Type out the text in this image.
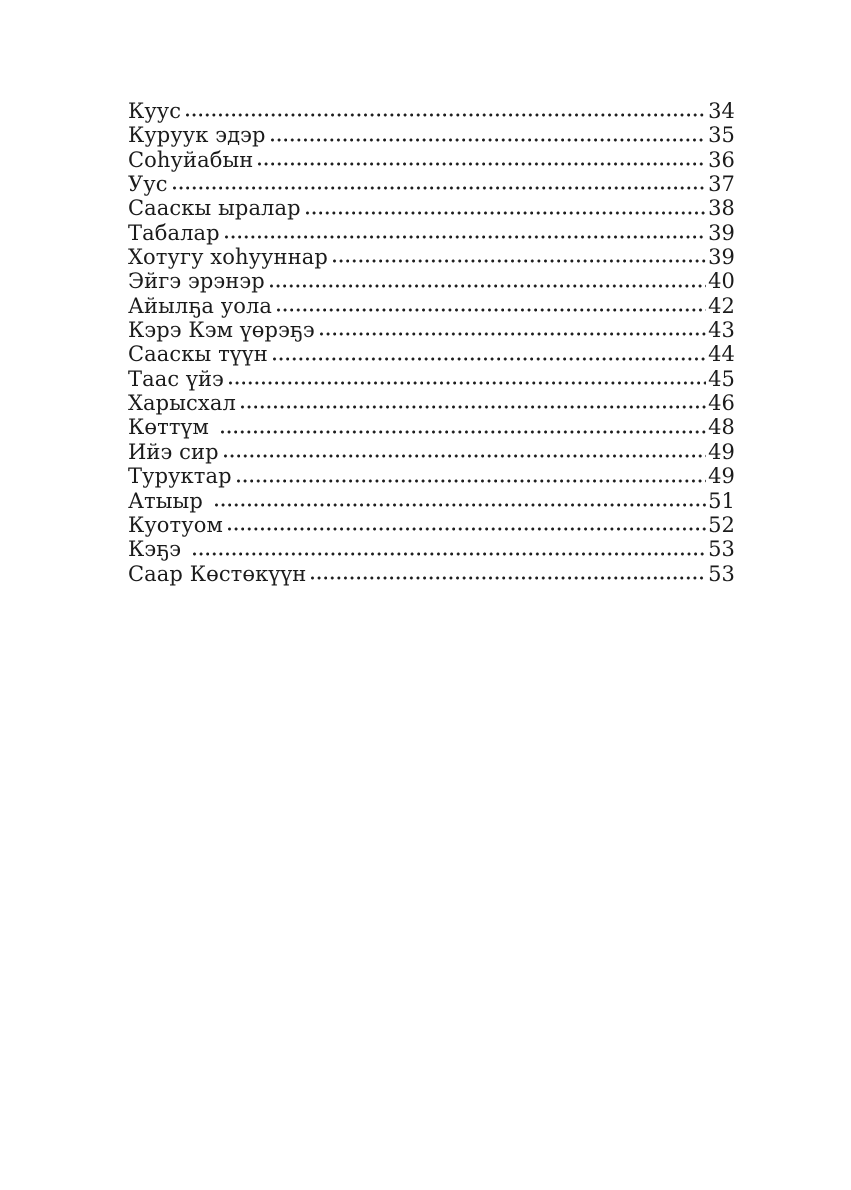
Куус	34
Куруук эдэр	35
Соһуйабын	36
Уус	37
Сааскы ыралар	38
Табалар	39
Хотугу хоһууннар	39
Эйгэ эрэнэр	40
Айылҕа уола	42
Кэрэ Кэм үөрэҕэ	43
Сааскы түүн	44
Таас үйэ	45
Харысхал	46
Көттүм	48
Ийэ сир	49
Туруктар	49
Атыыр	51
Куотуом	52
Кэҕэ	53
Саар Көстөкүүн	53
